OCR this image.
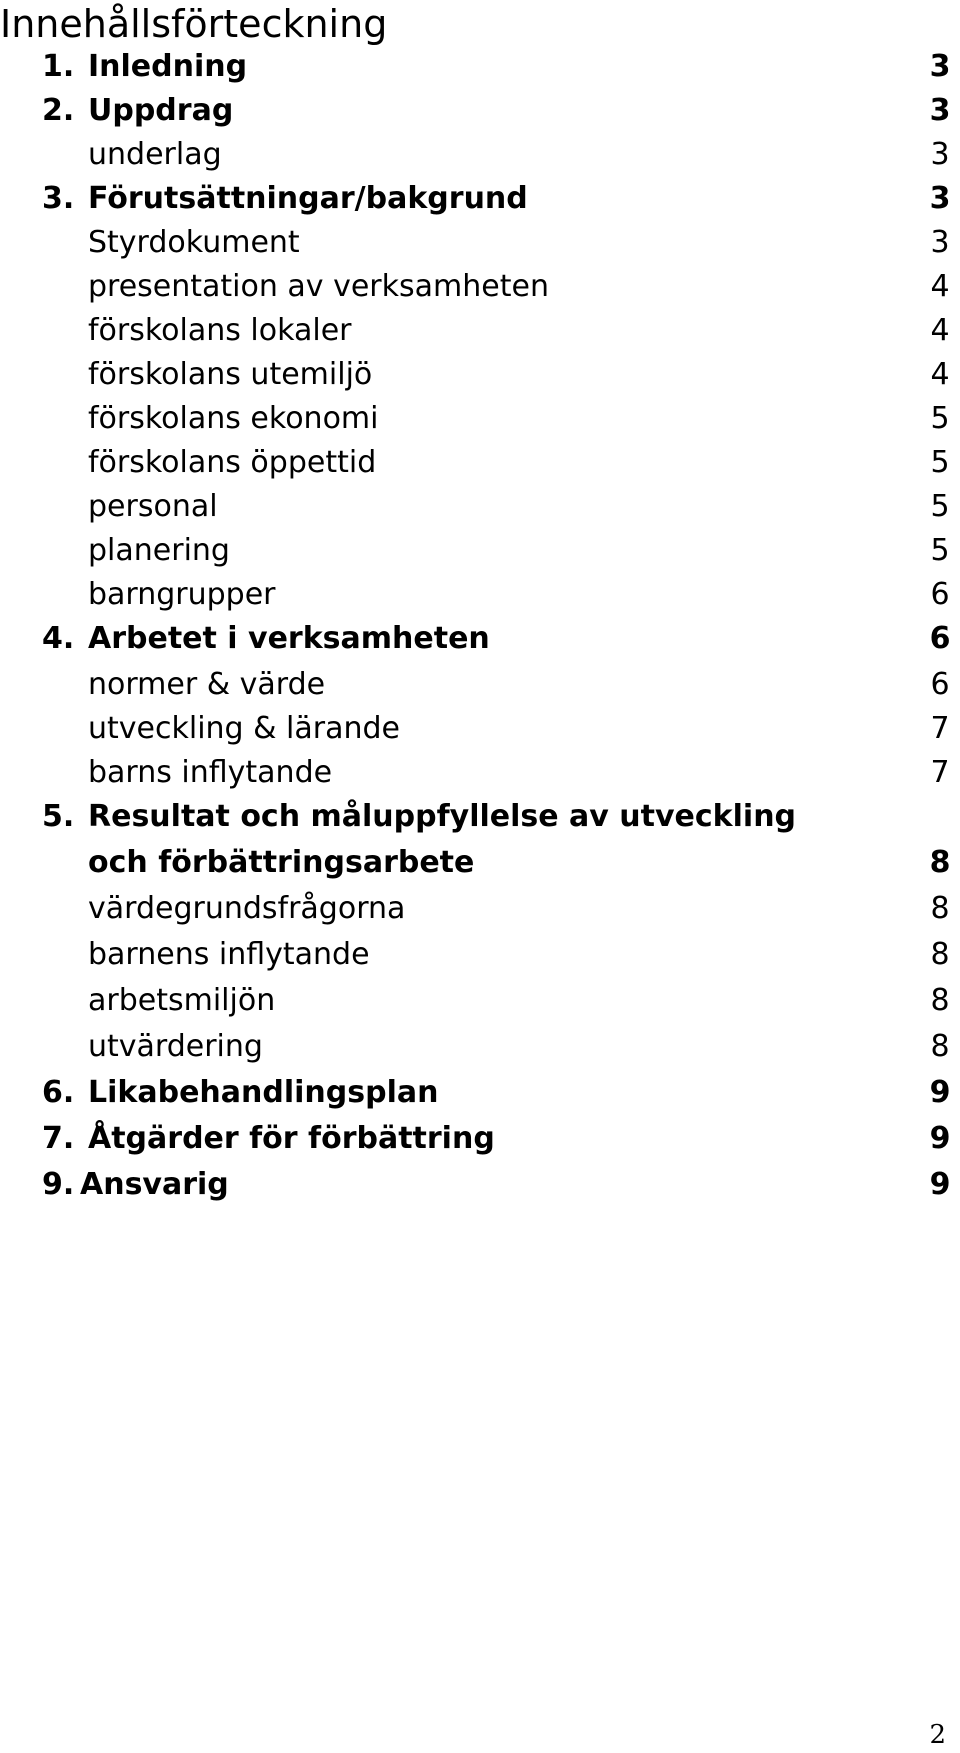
Innehållsförteckning
1. Inledning	3
2. Uppdrag	3
underlag	3
3. Förutsättningar/bakgrund	3
Styrdokument	3
presentation av verksamheten	4
förskolans lokaler	4
förskolans utemiljö	4
förskolans ekonomi	5
förskolans öppettid	5
personal	5
planering	5
barngrupper	6
4. Arbetet i verksamheten	6
normer & värde	6
utveckling & lärande	7
barns inflytande	7
5. Resultat och måluppfyllelse av utveckling
och förbättringsarbete	8
värdegrundsfrågorna	8
barnens inflytande	8
arbetsmiljön	8
utvärdering	8
6. Likabehandlingsplan	9
7. Åtgärder för förbättring	9
9. Ansvarig	9
2
